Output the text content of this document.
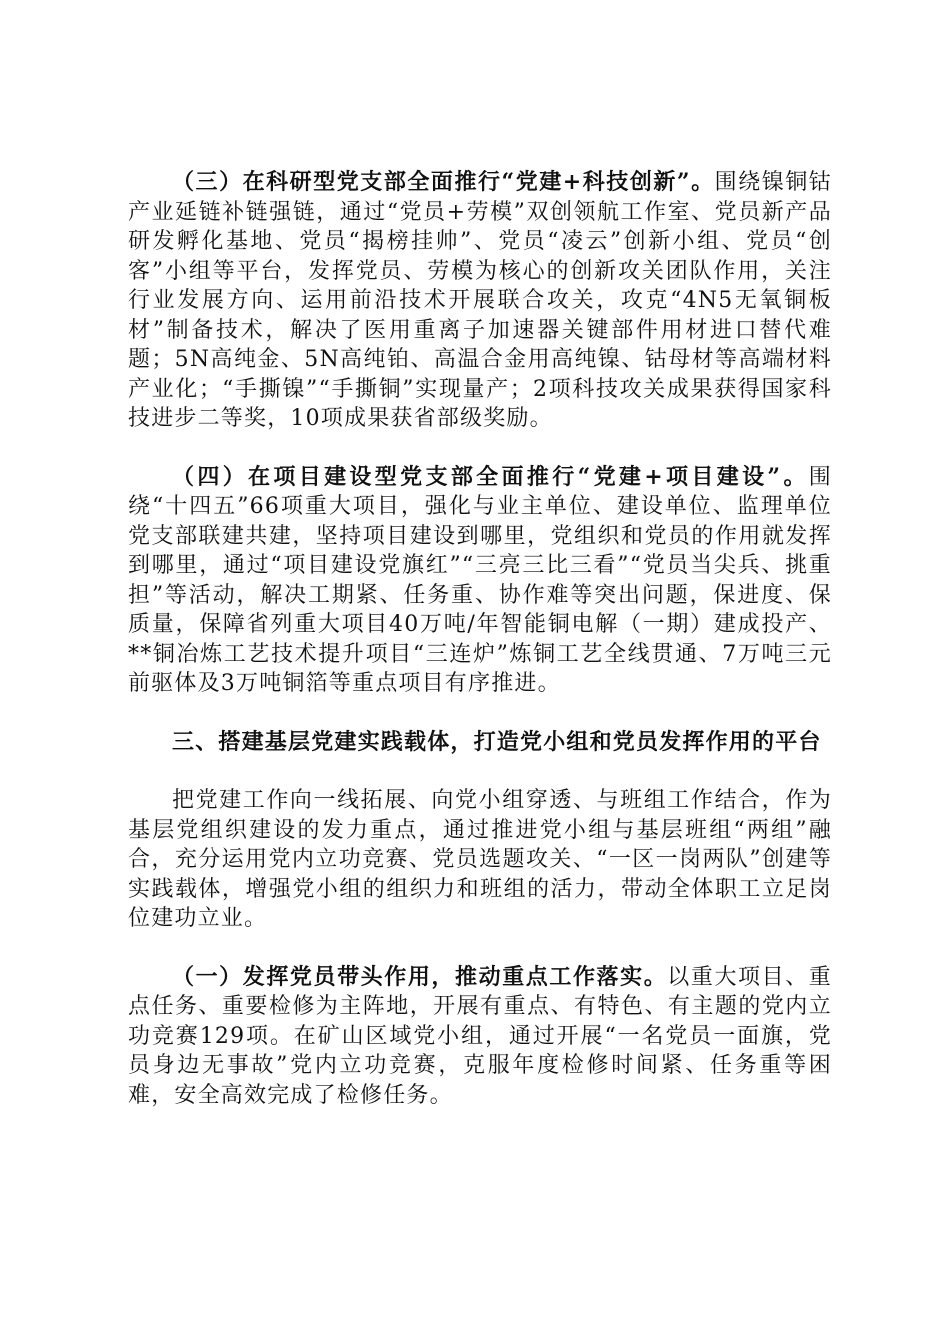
（三）在科研型党支部全面推行“党建+科技创新”。围绕镍铜钴产业延链补链强链，通过“党员+劳模”双创领航工作室、党员新产品研发孵化基地、党员“揭榜挂帅”、党员“凌云”创新小组、党员“创客”小组等平台，发挥党员、劳模为核心的创新攻关团队作用，关注行业发展方向、运用前沿技术开展联合攻关，攻克“4N5无氧铜板材”制备技术，解决了医用重离子加速器关键部件用材进口替代难题；5N高纯金、5N高纯铂、高温合金用高纯镍、钴母材等高端材料产业化；“手撕镍”“手撕铜”实现量产；2项科技攻关成果获得国家科技进步二等奖，10项成果获省部级奖励。

（四）在项目建设型党支部全面推行“党建+项目建设”。围绕“十四五”66项重大项目，强化与业主单位、建设单位、监理单位党支部联建共建，坚持项目建设到哪里，党组织和党员的作用就发挥到哪里，通过“项目建设党旗红”“三亮三比三看”“党员当尖兵、挑重担”等活动，解决工期紧、任务重、协作难等突出问题，保进度、保质量，保障省列重大项目40万吨/年智能铜电解（一期）建成投产、**铜冶炼工艺技术提升项目“三连炉”炼铜工艺全线贯通、7万吨三元前驱体及3万吨铜箔等重点项目有序推进。

三、搭建基层党建实践载体，打造党小组和党员发挥作用的平台

把党建工作向一线拓展、向党小组穿透、与班组工作结合，作为基层党组织建设的发力重点，通过推进党小组与基层班组“两组”融合，充分运用党内立功竞赛、党员选题攻关、“一区一岗两队”创建等实践载体，增强党小组的组织力和班组的活力，带动全体职工立足岗位建功立业。

（一）发挥党员带头作用，推动重点工作落实。以重大项目、重点任务、重要检修为主阵地，开展有重点、有特色、有主题的党内立功竞赛129项。在矿山区域党小组，通过开展“一名党员一面旗，党员身边无事故”党内立功竞赛，克服年度检修时间紧、任务重等困难，安全高效完成了检修任务。
